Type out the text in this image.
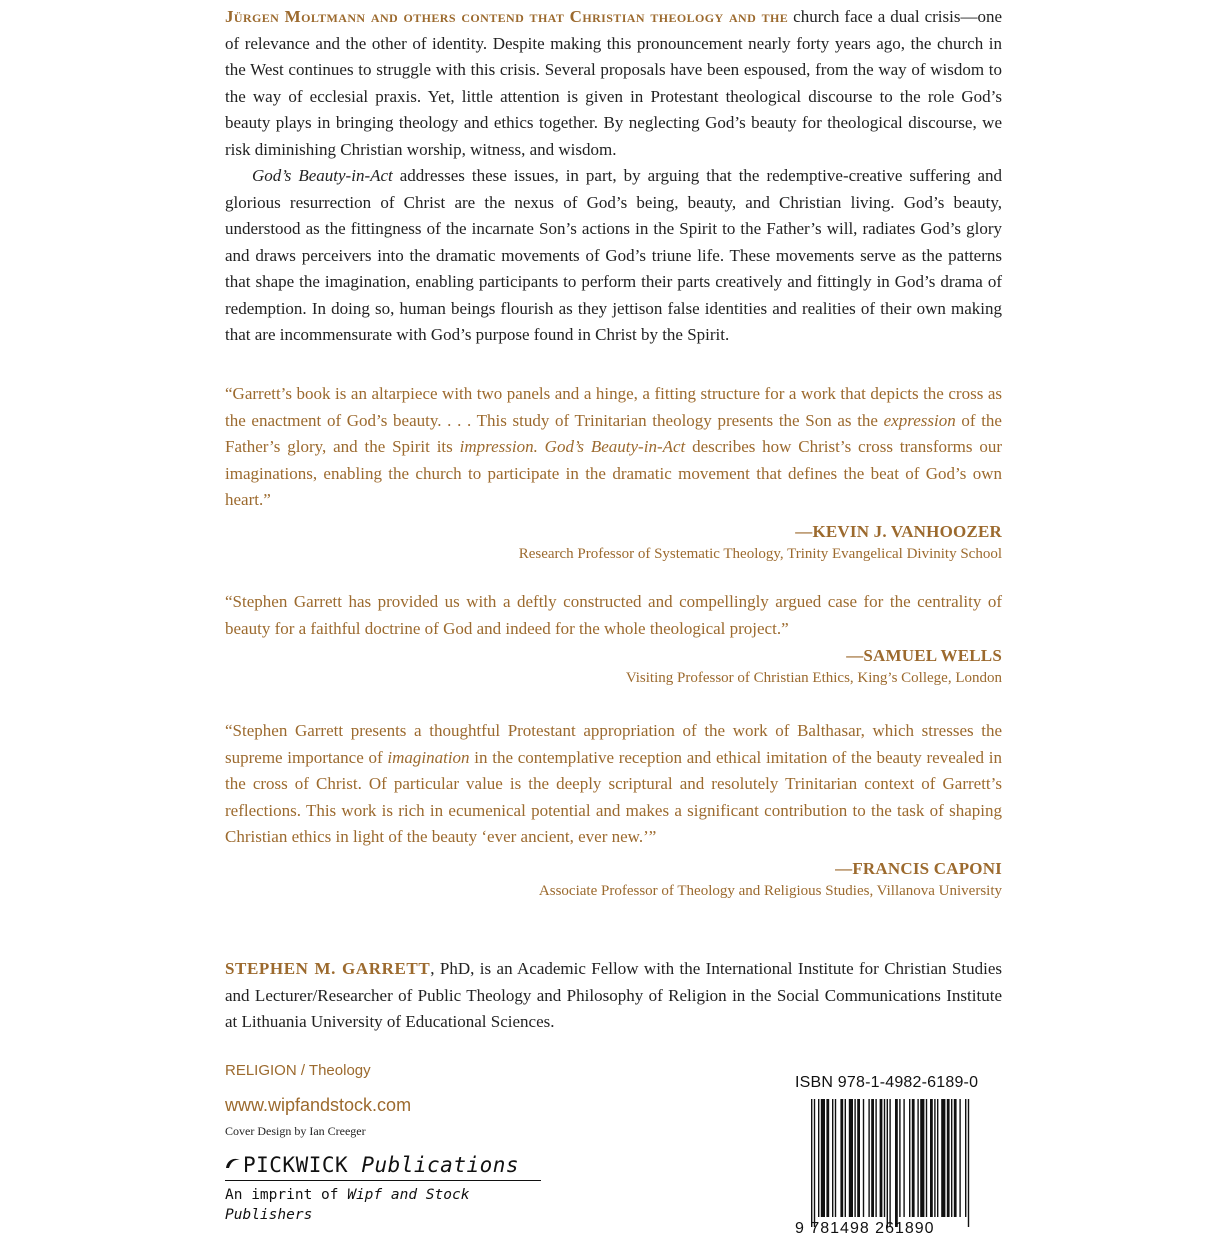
Jürgen Moltmann and others contend that Christian theology and the church face a dual crisis—one of relevance and the other of identity. Despite making this pronouncement nearly forty years ago, the church in the West continues to struggle with this crisis. Several proposals have been espoused, from the way of wisdom to the way of ecclesial praxis. Yet, little attention is given in Protestant theological discourse to the role God’s beauty plays in bringing theology and ethics together. By neglecting God’s beauty for theological discourse, we risk diminishing Christian worship, witness, and wisdom.

God’s Beauty-in-Act addresses these issues, in part, by arguing that the redemptive-creative suffering and glorious resurrection of Christ are the nexus of God’s being, beauty, and Christian living. God’s beauty, understood as the fittingness of the incarnate Son’s actions in the Spirit to the Father’s will, radiates God’s glory and draws perceivers into the dramatic movements of God’s triune life. These movements serve as the patterns that shape the imagination, enabling participants to perform their parts creatively and fittingly in God’s drama of redemption. In doing so, human beings flourish as they jettison false identities and realities of their own making that are incommensurate with God’s purpose found in Christ by the Spirit.

“Garrett’s book is an altarpiece with two panels and a hinge, a fitting structure for a work that depicts the cross as the enactment of God’s beauty. . . . This study of Trinitarian theology presents the Son as the expression of the Father’s glory, and the Spirit its impression. God’s Beauty-in-Act describes how Christ’s cross transforms our imaginations, enabling the church to participate in the dramatic movement that defines the beat of God’s own heart.”

—KEVIN J. VANHOOZER

Research Professor of Systematic Theology, Trinity Evangelical Divinity School

“Stephen Garrett has provided us with a deftly constructed and compellingly argued case for the centrality of beauty for a faithful doctrine of God and indeed for the whole theological project.”

—SAMUEL WELLS

Visiting Professor of Christian Ethics, King’s College, London

“Stephen Garrett presents a thoughtful Protestant appropriation of the work of Balthasar, which stresses the supreme importance of imagination in the contemplative reception and ethical imitation of the beauty revealed in the cross of Christ. Of particular value is the deeply scriptural and resolutely Trinitarian context of Garrett’s reflections. This work is rich in ecumenical potential and makes a significant contribution to the task of shaping Christian ethics in light of the beauty ‘ever ancient, ever new.’”

—FRANCIS CAPONI

Associate Professor of Theology and Religious Studies, Villanova University

STEPHEN M. GARRETT, PhD, is an Academic Fellow with the International Institute for Christian Studies and Lecturer/Researcher of Public Theology and Philosophy of Religion in the Social Communications Institute at Lithuania University of Educational Sciences.

RELIGION / Theology

www.wipfandstock.com

Cover Design by Ian Creeger

PICKWICK Publications
An imprint of Wipf and Stock Publishers

ISBN 978-1-4982-6189-0

9 781498 261890
